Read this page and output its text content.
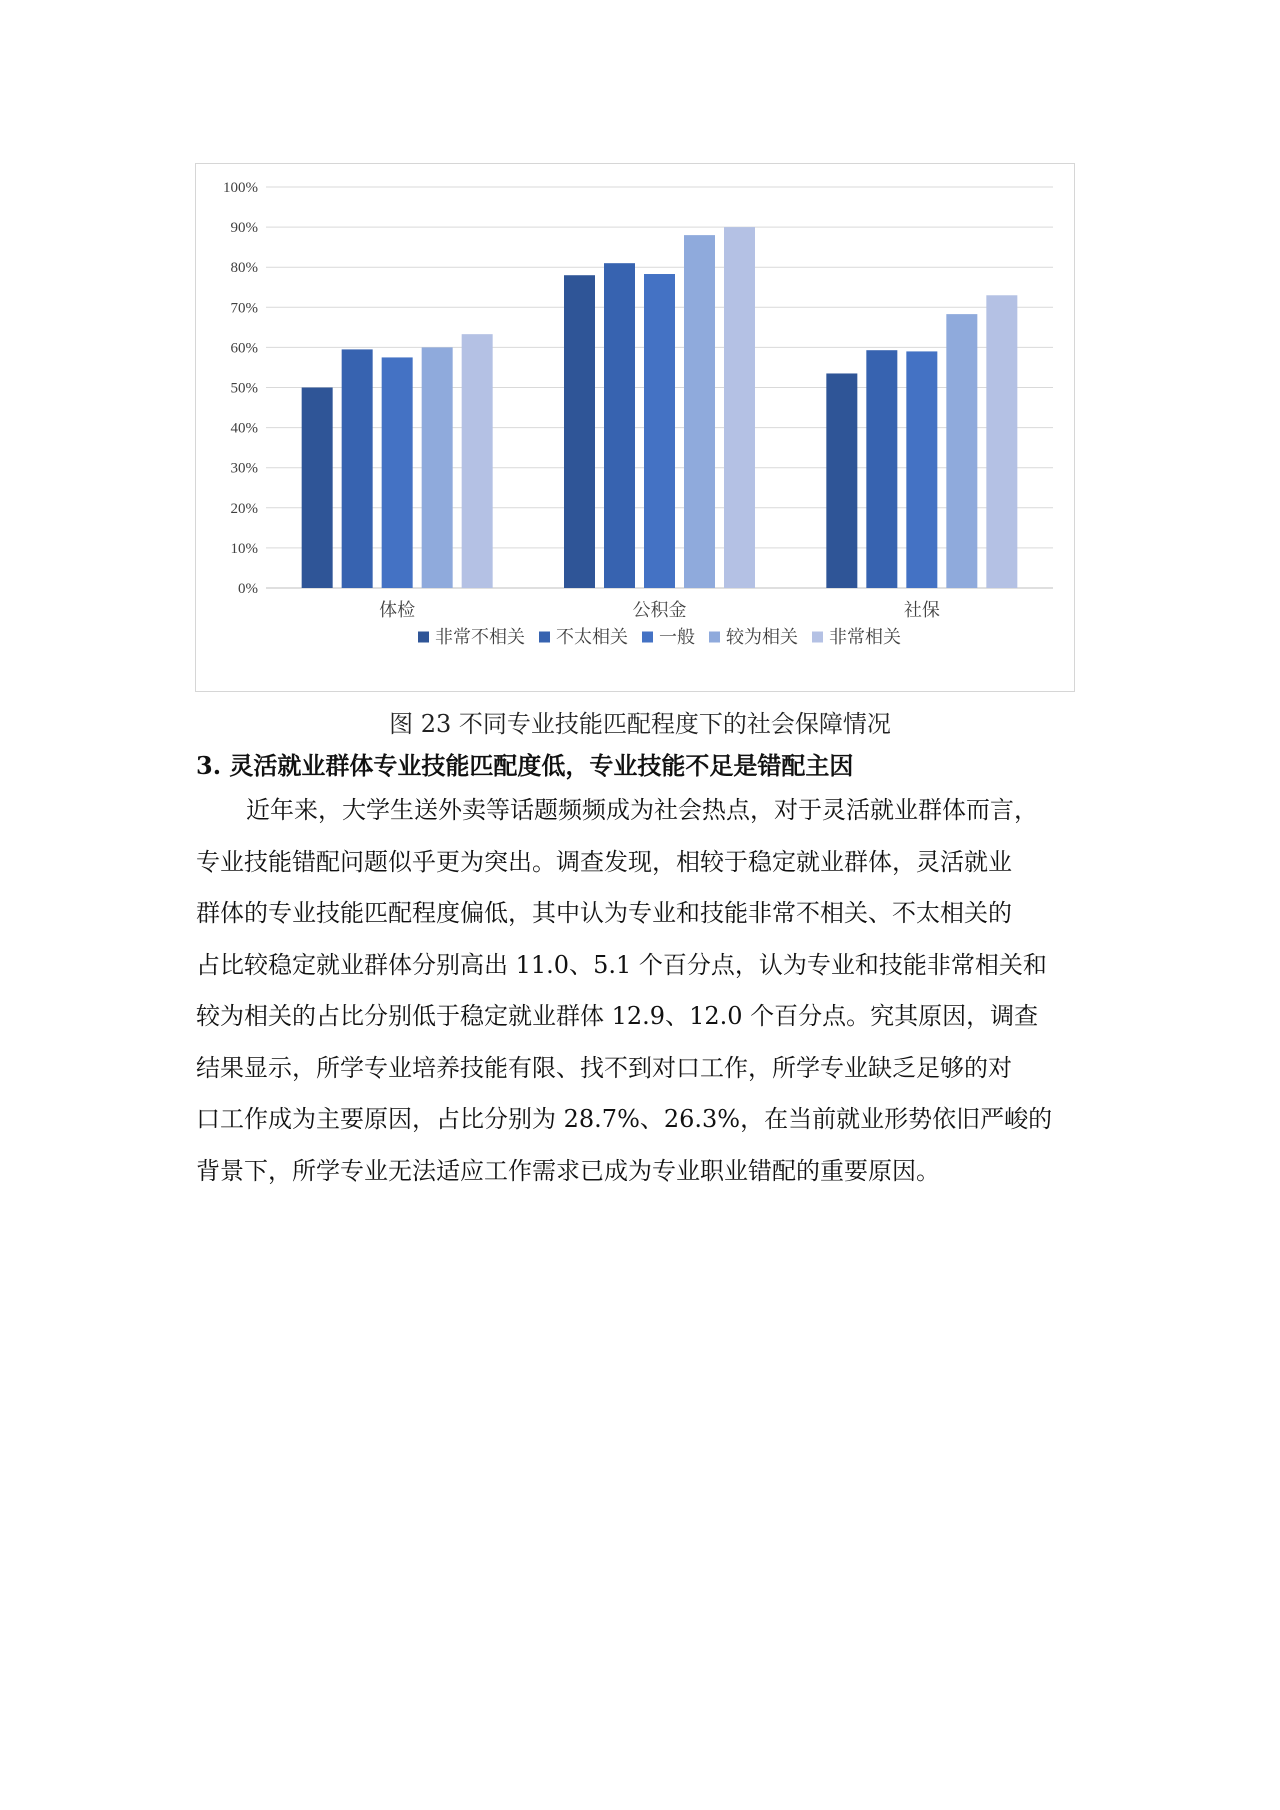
0%
10%
20%
30%
40%
50%
60%
70%
80%
90%
100%
体检	公积金	社保
非常不相关 不太相关 一般 较为相关 非常相关
图 23 不同专业技能匹配程度下的社会保障情况
3. 灵活就业群体专业技能匹配度低，专业技能不足是错配主因
近年来，大学生送外卖等话题频频成为社会热点，对于灵活就业群体而言，
专业技能错配问题似乎更为突出。调查发现，相较于稳定就业群体，灵活就业
群体的专业技能匹配程度偏低，其中认为专业和技能非常不相关、不太相关的
占比较稳定就业群体分别高出 11.0、5.1 个百分点，认为专业和技能非常相关和
较为相关的占比分别低于稳定就业群体 12.9、12.0 个百分点。究其原因，调查
结果显示，所学专业培养技能有限、找不到对口工作，所学专业缺乏足够的对
口工作成为主要原因，占比分别为 28.7%、26.3%，在当前就业形势依旧严峻的
背景下，所学专业无法适应工作需求已成为专业职业错配的重要原因。
